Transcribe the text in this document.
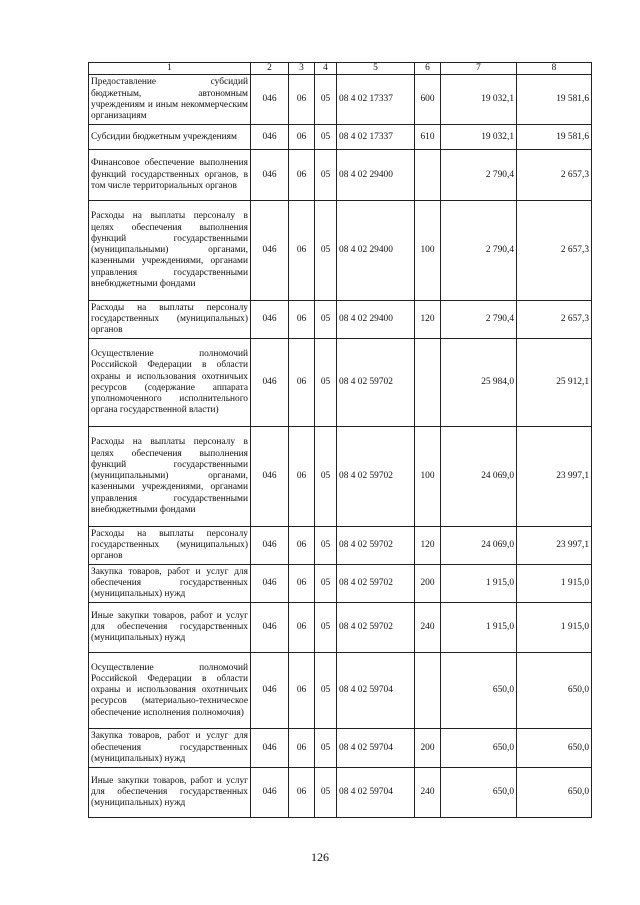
1	2	3	4	5	6	7	8
Предоставление субсидий бюджетным, автономным учреждениям и иным некоммерческим организациям	046	06	05	08 4 02 17337	600	19 032,1	19 581,6
Субсидии бюджетным учреждениям	046	06	05	08 4 02 17337	610	19 032,1	19 581,6
Финансовое обеспечение выполнения функций государственных органов, в том числе территориальных органов	046	06	05	08 4 02 29400		2 790,4	2 657,3
Расходы на выплаты персоналу в целях обеспечения выполнения функций государственными (муниципальными) органами, казенными учреждениями, органами управления государственными внебюджетными фондами	046	06	05	08 4 02 29400	100	2 790,4	2 657,3
Расходы на выплаты персоналу государственных (муниципальных) органов	046	06	05	08 4 02 29400	120	2 790,4	2 657,3
Осуществление полномочий Российской Федерации в области охраны и использования охотничьих ресурсов (содержание аппарата уполномоченного исполнительного органа государственной власти)	046	06	05	08 4 02 59702		25 984,0	25 912,1
Расходы на выплаты персоналу в целях обеспечения выполнения функций государственными (муниципальными) органами, казенными учреждениями, органами управления государственными внебюджетными фондами	046	06	05	08 4 02 59702	100	24 069,0	23 997,1
Расходы на выплаты персоналу государственных (муниципальных) органов	046	06	05	08 4 02 59702	120	24 069,0	23 997,1
Закупка товаров, работ и услуг для обеспечения государственных (муниципальных) нужд	046	06	05	08 4 02 59702	200	1 915,0	1 915,0
Иные закупки товаров, работ и услуг для обеспечения государственных (муниципальных) нужд	046	06	05	08 4 02 59702	240	1 915,0	1 915,0
Осуществление полномочий Российской Федерации в области охраны и использования охотничьих ресурсов (материально-техническое обеспечение исполнения полномочия)	046	06	05	08 4 02 59704		650,0	650,0
Закупка товаров, работ и услуг для обеспечения государственных (муниципальных) нужд	046	06	05	08 4 02 59704	200	650,0	650,0
Иные закупки товаров, работ и услуг для обеспечения государственных (муниципальных) нужд	046	06	05	08 4 02 59704	240	650,0	650,0
126
